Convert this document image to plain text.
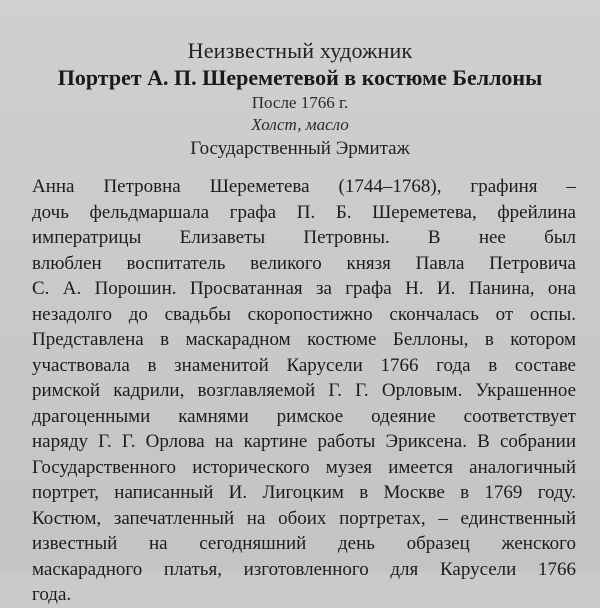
Неизвестный художник
Портрет А. П. Шереметевой в костюме Беллоны
После 1766 г.
Холст, масло
Государственный Эрмитаж
Анна Петровна Шереметева (1744–1768), графиня –
дочь фельдмаршала графа П. Б. Шереметева, фрейлина
императрицы Елизаветы Петровны. В нее был
влюблен воспитатель великого князя Павла Петровича
С. А. Порошин. Просватанная за графа Н. И. Панина, она
незадолго до свадьбы скоропостижно скончалась от оспы.
Представлена в маскарадном костюме Беллоны, в котором
участвовала в знаменитой Карусели 1766 года в составе
римской кадрили, возглавляемой Г. Г. Орловым. Украшенное
драгоценными камнями римское одеяние соответствует
наряду Г. Г. Орлова на картине работы Эриксена. В собрании
Государственного исторического музея имеется аналогичный
портрет, написанный И. Лигоцким в Москве в 1769 году.
Костюм, запечатленный на обоих портретах, – единственный
известный на сегодняшний день образец женского
маскарадного платья, изготовленного для Карусели 1766
года.
